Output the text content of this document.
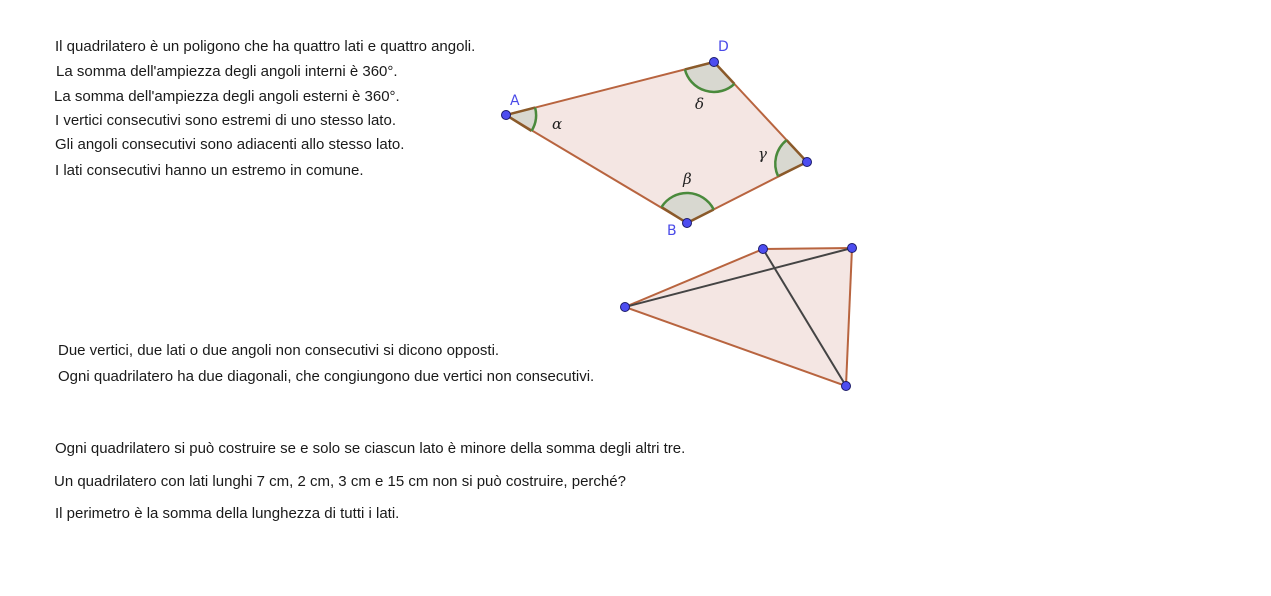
Il quadrilatero è un poligono che ha quattro lati e quattro angoli.
La somma dell'ampiezza degli angoli interni è 360°.
La somma dell'ampiezza degli angoli esterni è 360°.
I vertici consecutivi sono estremi di uno stesso lato.
Gli angoli consecutivi sono adiacenti allo stesso lato.
I lati consecutivi hanno un estremo in comune.
Due vertici, due lati o due angoli non consecutivi si dicono opposti.
Ogni quadrilatero ha due diagonali, che congiungono due vertici non consecutivi.
Ogni quadrilatero si può costruire se e solo se ciascun lato è minore della somma degli altri tre.
Un quadrilatero con lati lunghi 7 cm, 2 cm, 3 cm e 15 cm non si può costruire, perché?
Il perimetro è la somma della lunghezza di tutti i lati.
α
δ
γ
β
A
B
D
